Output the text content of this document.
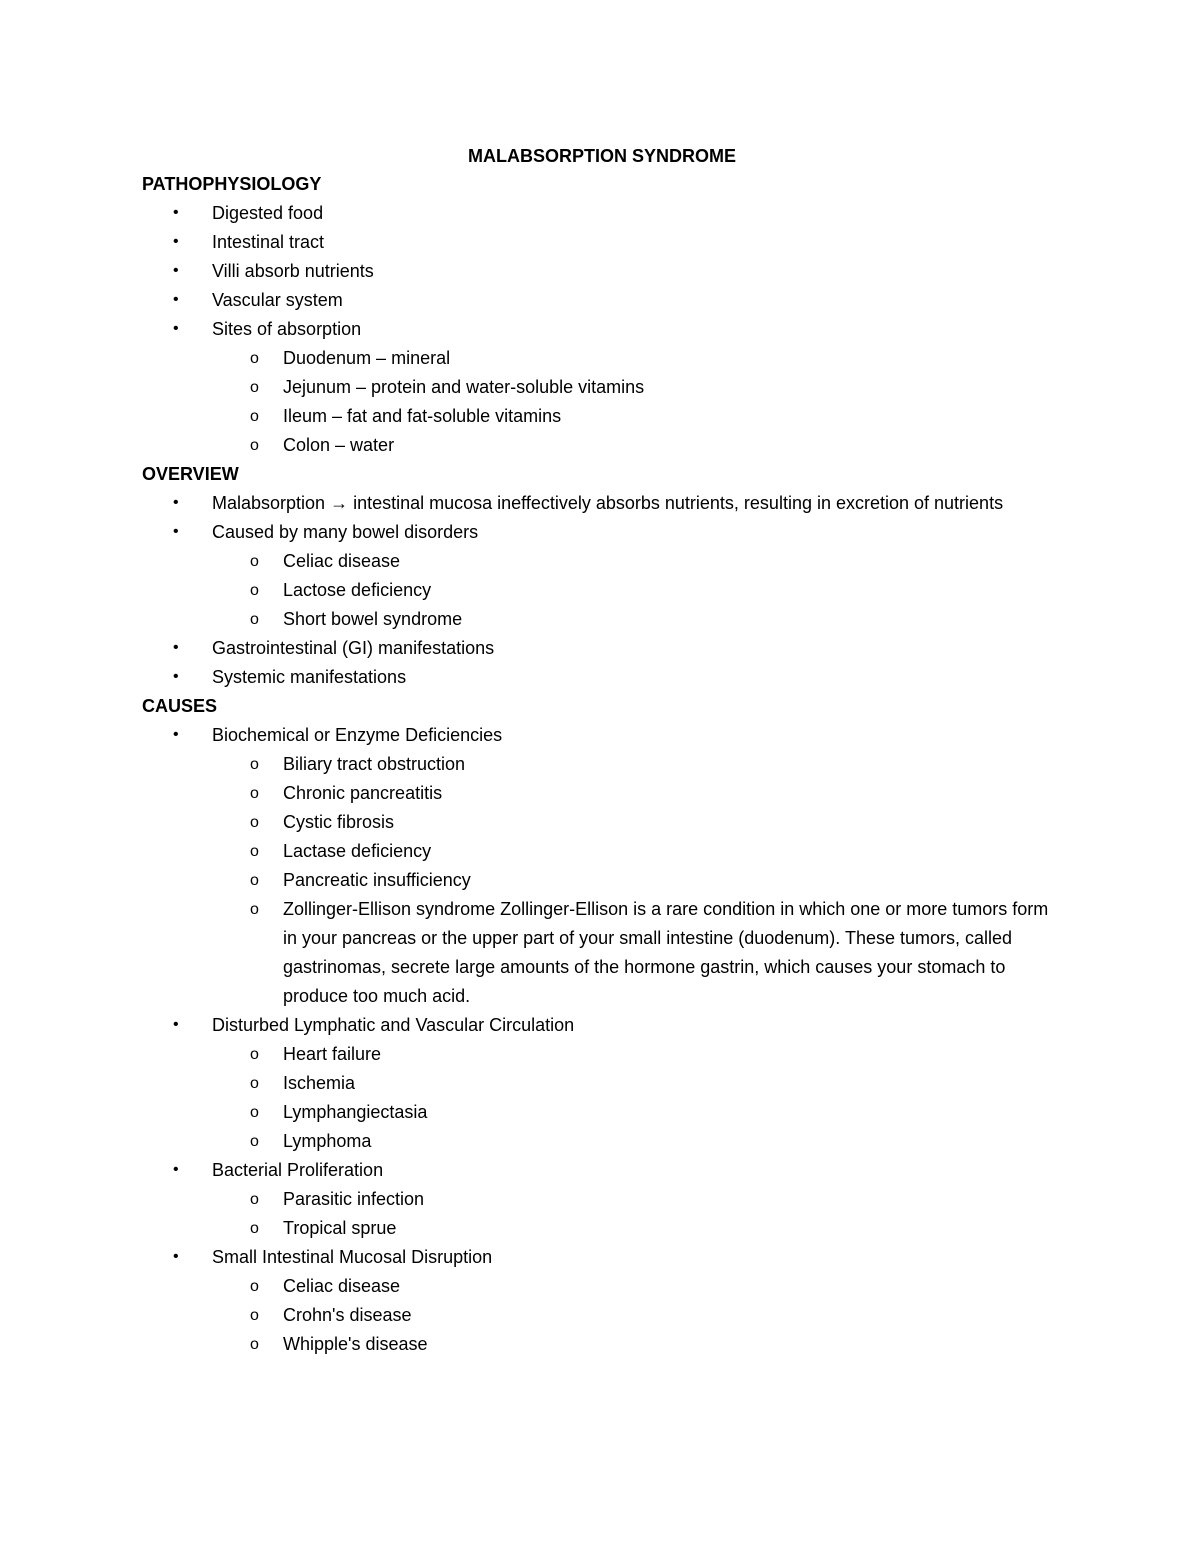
MALABSORPTION SYNDROME
PATHOPHYSIOLOGY
• Digested food
• Intestinal tract
• Villi absorb nutrients
• Vascular system
• Sites of absorption
o Duodenum – mineral
o Jejunum – protein and water-soluble vitamins
o Ileum – fat and fat-soluble vitamins
o Colon – water
OVERVIEW
• Malabsorption → intestinal mucosa ineffectively absorbs nutrients, resulting in excretion of nutrients
• Caused by many bowel disorders
o Celiac disease
o Lactose deficiency
o Short bowel syndrome
• Gastrointestinal (GI) manifestations
• Systemic manifestations
CAUSES
• Biochemical or Enzyme Deficiencies
o Biliary tract obstruction
o Chronic pancreatitis
o Cystic fibrosis
o Lactase deficiency
o Pancreatic insufficiency
o Zollinger-Ellison syndrome Zollinger-Ellison is a rare condition in which one or more tumors form in your pancreas or the upper part of your small intestine (duodenum). These tumors, called gastrinomas, secrete large amounts of the hormone gastrin, which causes your stomach to produce too much acid.
• Disturbed Lymphatic and Vascular Circulation
o Heart failure
o Ischemia
o Lymphangiectasia
o Lymphoma
• Bacterial Proliferation
o Parasitic infection
o Tropical sprue
• Small Intestinal Mucosal Disruption
o Celiac disease
o Crohn's disease
o Whipple's disease
